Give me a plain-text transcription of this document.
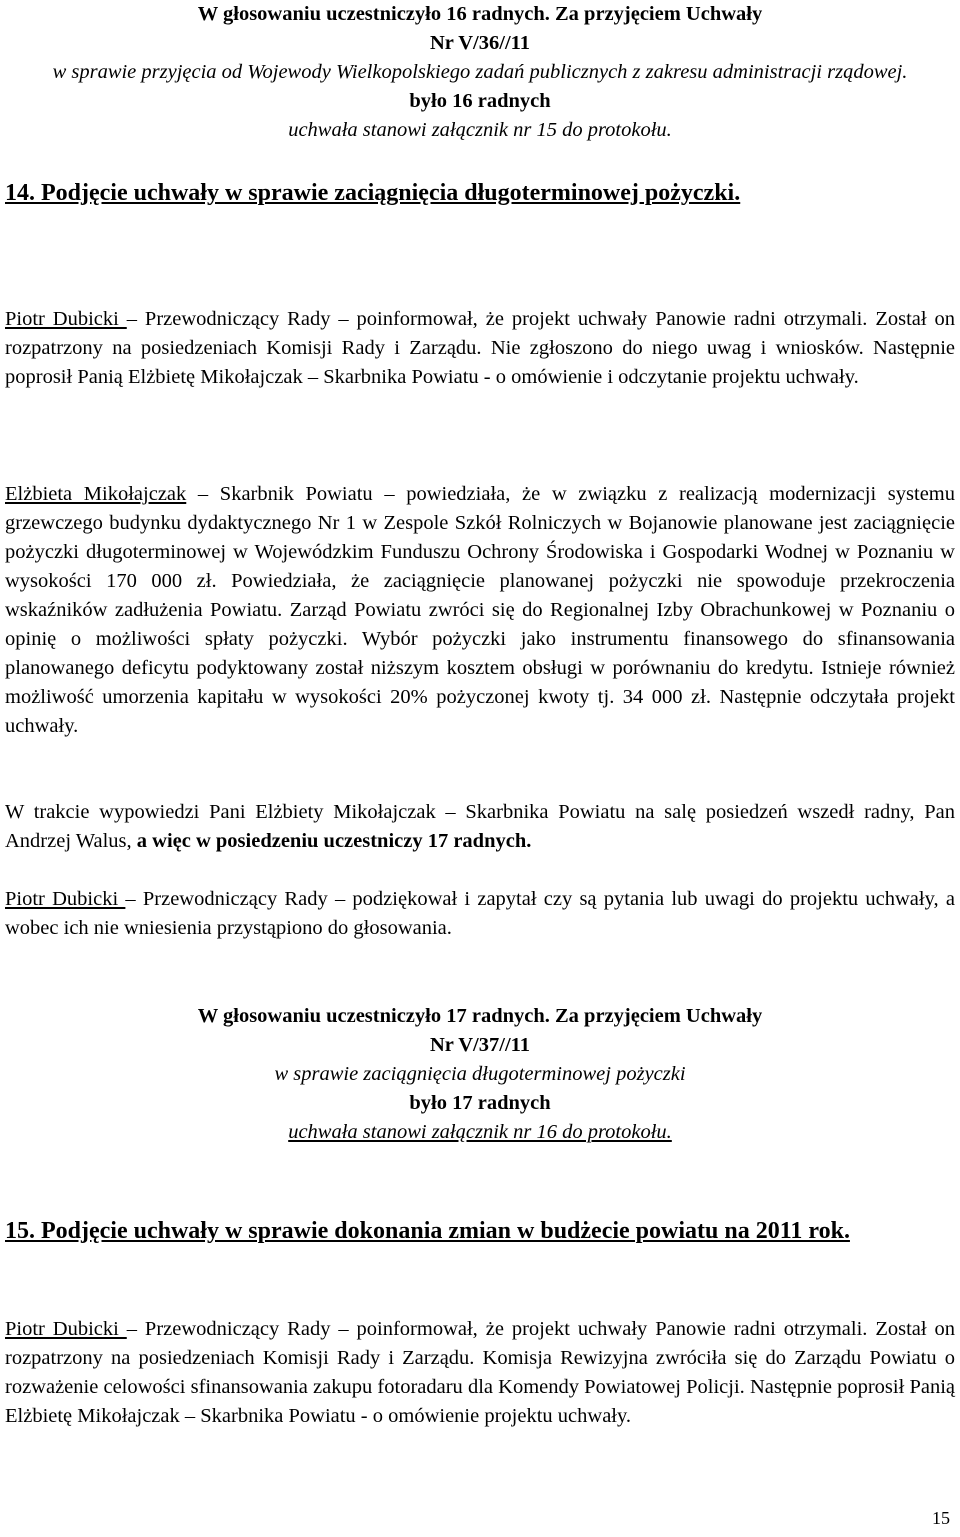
W głosowaniu uczestniczyło 16 radnych. Za przyjęciem Uchwały
Nr V/36//11
w sprawie przyjęcia od Wojewody Wielkopolskiego zadań publicznych z zakresu administracji rządowej.
było 16 radnych
uchwała stanowi załącznik nr 15 do protokołu.
14. Podjęcie uchwały w sprawie zaciągnięcia długoterminowej pożyczki.

Piotr Dubicki – Przewodniczący Rady – poinformował, że projekt uchwały Panowie radni otrzymali. Został on rozpatrzony na posiedzeniach Komisji Rady i Zarządu. Nie zgłoszono do niego uwag i wniosków. Następnie poprosił Panią Elżbietę Mikołajczak – Skarbnika Powiatu - o omówienie i odczytanie projektu uchwały.

Elżbieta Mikołajczak – Skarbnik Powiatu – powiedziała, że w związku z realizacją modernizacji systemu grzewczego budynku dydaktycznego Nr 1 w Zespole Szkół Rolniczych w Bojanowie planowane jest zaciągnięcie pożyczki długoterminowej w Wojewódzkim Funduszu Ochrony Środowiska i Gospodarki Wodnej w Poznaniu w wysokości 170 000 zł. Powiedziała, że zaciągnięcie planowanej pożyczki nie spowoduje przekroczenia wskaźników zadłużenia Powiatu. Zarząd Powiatu zwróci się do Regionalnej Izby Obrachunkowej w Poznaniu o opinię o możliwości spłaty pożyczki. Wybór pożyczki jako instrumentu finansowego do sfinansowania planowanego deficytu podyktowany został niższym kosztem obsługi w porównaniu do kredytu. Istnieje również możliwość umorzenia kapitału w wysokości 20% pożyczonej kwoty tj. 34 000 zł. Następnie odczytała projekt uchwały.

W trakcie wypowiedzi Pani Elżbiety Mikołajczak – Skarbnika Powiatu na salę posiedzeń wszedł radny, Pan Andrzej Walus, a więc w posiedzeniu uczestniczy 17 radnych.

Piotr Dubicki – Przewodniczący Rady – podziękował i zapytał czy są pytania lub uwagi do projektu uchwały, a wobec ich nie wniesienia przystąpiono do głosowania.

W głosowaniu uczestniczyło 17 radnych. Za przyjęciem Uchwały
Nr V/37//11
w sprawie zaciągnięcia długoterminowej pożyczki
było 17 radnych
uchwała stanowi załącznik nr 16 do protokołu.
15. Podjęcie uchwały w sprawie dokonania zmian w budżecie powiatu na 2011 rok.

Piotr Dubicki – Przewodniczący Rady – poinformował, że projekt uchwały Panowie radni otrzymali. Został on rozpatrzony na posiedzeniach Komisji Rady i Zarządu. Komisja Rewizyjna zwróciła się do Zarządu Powiatu o rozważenie celowości sfinansowania zakupu fotoradaru dla Komendy Powiatowej Policji. Następnie poprosił Panią Elżbietę Mikołajczak – Skarbnika Powiatu - o omówienie projektu uchwały.

15
